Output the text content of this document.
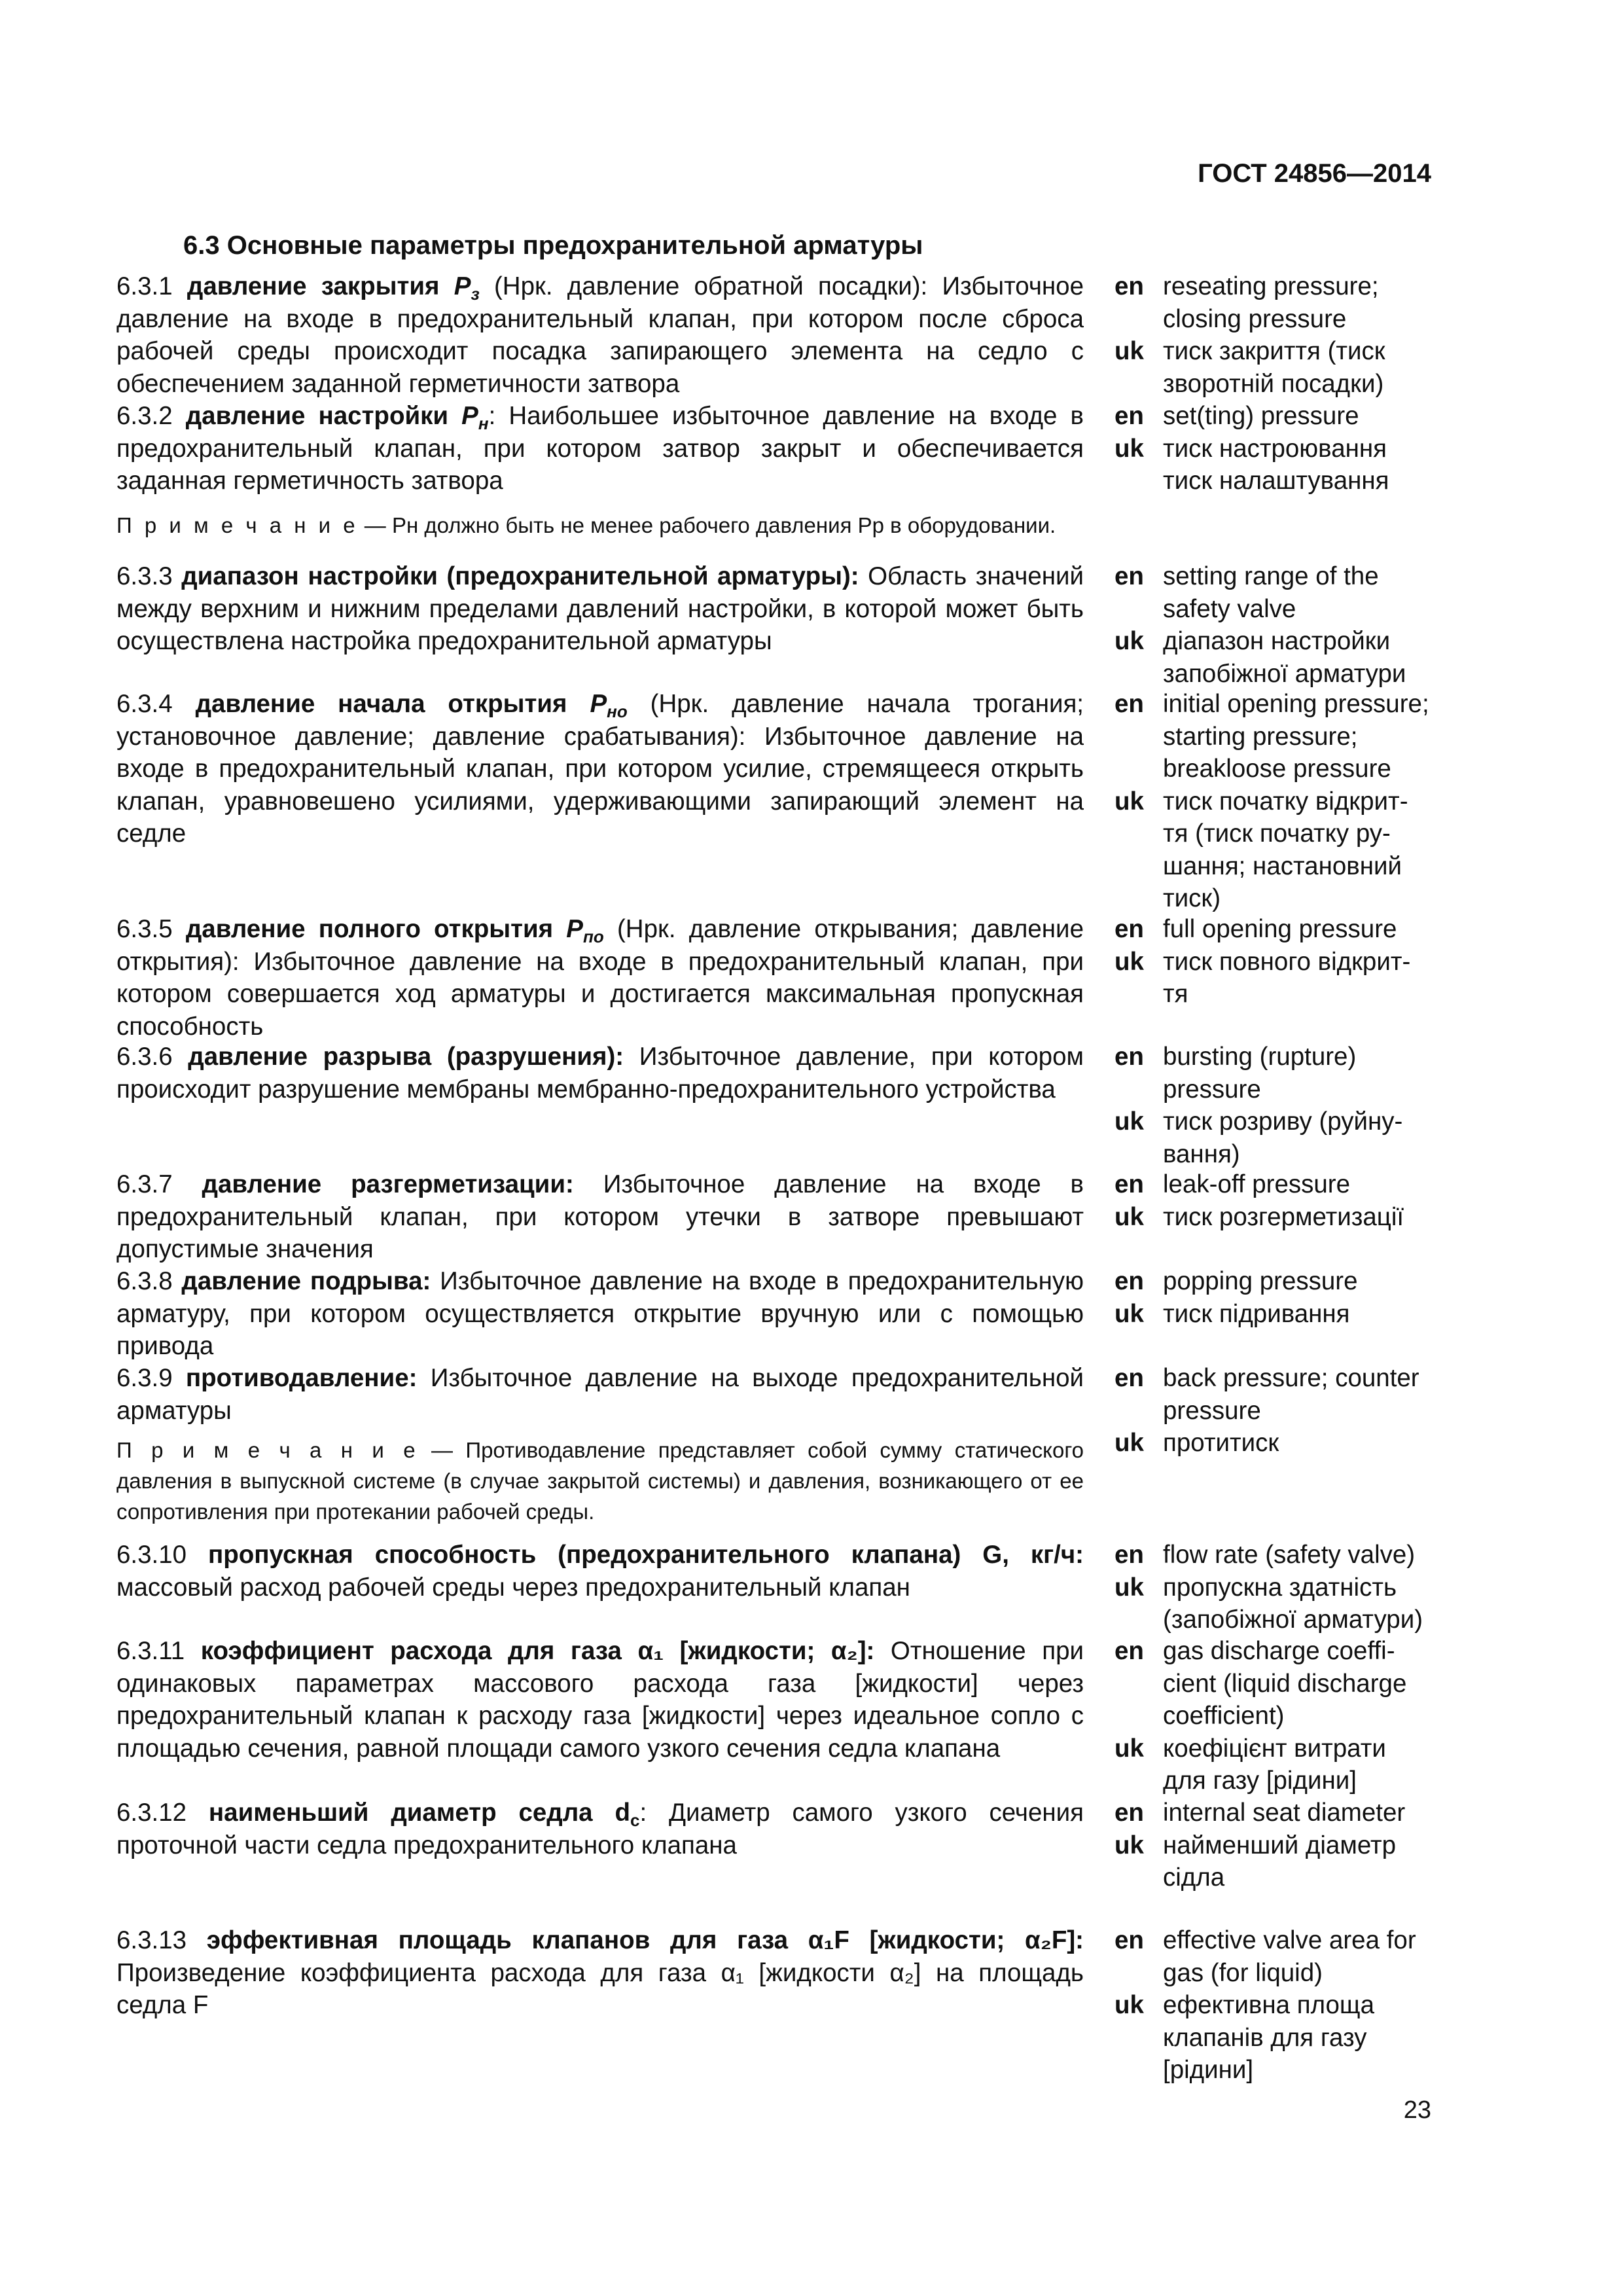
ГОСТ 24856—2014
6.3 Основные параметры предохранительной арматуры

6.3.1 давление закрытия $P_з$ (Нрк. давление обратной посадки): Избыточное давление на входе в предохранительный клапан, при котором после сброса рабочей среды происходит посадка запирающего элемента на седло с обеспечением заданной герметичности затвора

en reseating pressure;
closing pressure
uk тиск закриття (тиск
зворотній посадки)

6.3.2 давление настройки $P_н$: Наибольшее избыточное давление на входе в предохранительный клапан, при котором затвор закрыт и обеспечивается заданная герметичность затвора

en set(ting) pressure
uk тиск настроювання
тиск налаштування

П р и м е ч а н и е — Pн должно быть не менее рабочего давления Pр в оборудовании.

6.3.3 диапазон настройки (предохранительной арматуры): Область значений между верхним и нижним пределами давлений настройки, в которой может быть осуществлена настройка предохранительной арматуры

en setting range of the
safety valve
uk діапазон настройки
запобіжної арматури

6.3.4 давление начала открытия $P_{но}$ (Нрк. давление начала трогания; установочное давление; давление срабатывания): Избыточное давление на входе в предохранительный клапан, при котором усилие, стремящееся открыть клапан, уравновешено усилиями, удерживающими запирающий элемент на седле

en initial opening pressure;
starting pressure;
breakloose pressure
uk тиск початку відкрит-
тя (тиск початку ру-
шання; настановний
тиск)

6.3.5 давление полного открытия $P_{по}$ (Нрк. давление открывания; давление открытия): Избыточное давление на входе в предохранительный клапан, при котором совершается ход арматуры и достигается максимальная пропускная способность

en full opening pressure
uk тиск повного відкрит-
тя

6.3.6 давление разрыва (разрушения): Избыточное давление, при котором происходит разрушение мембраны мембранно-предохранительного устройства

en bursting (rupture)
pressure
uk тиск розриву (руйну-
вання)

6.3.7 давление разгерметизации: Избыточное давление на входе в предохранительный клапан, при котором утечки в затворе превышают допустимые значения

en leak-off pressure
uk тиск розгерметизації

6.3.8 давление подрыва: Избыточное давление на входе в предохранительную арматуру, при котором осуществляется открытие вручную или с помощью привода

en popping pressure
uk тиск підривання

6.3.9 противодавление: Избыточное давление на выходе предохранительной арматуры

en back pressure; counter
pressure
uk протитиск

П р и м е ч а н и е — Противодавление представляет собой сумму статического давления в выпускной системе (в случае закрытой системы) и давления, возникающего от ее сопротивления при протекании рабочей среды.

6.3.10 пропускная способность (предохранительного клапана) G, кг/ч: массовый расход рабочей среды через предохранительный клапан

en flow rate (safety valve)
uk пропускна здатність
(запобіжної арматури)

6.3.11 коэффициент расхода для газа α₁ [жидкости; α₂]: Отношение при одинаковых параметрах массового расхода газа [жидкости] через предохранительный клапан к расходу газа [жидкости] через идеальное сопло с площадью сечения, равной площади самого узкого сечения седла клапана

en gas discharge coeffi-
cient (liquid discharge
coefficient)
uk коефіцієнт витрати
для газу [рідини]

6.3.12 наименьший диаметр седла $d_с$: Диаметр самого узкого сечения проточной части седла предохранительного клапана

en internal seat diameter
uk найменший діаметр
сідла

6.3.13 эффективная площадь клапанов для газа α₁F [жидкости; α₂F]: Произведение коэффициента расхода для газа α₁ [жидкости α₂] на площадь седла F

en effective valve area for
gas (for liquid)
uk ефективна площа
клапанів для газу
[рідини]
23
